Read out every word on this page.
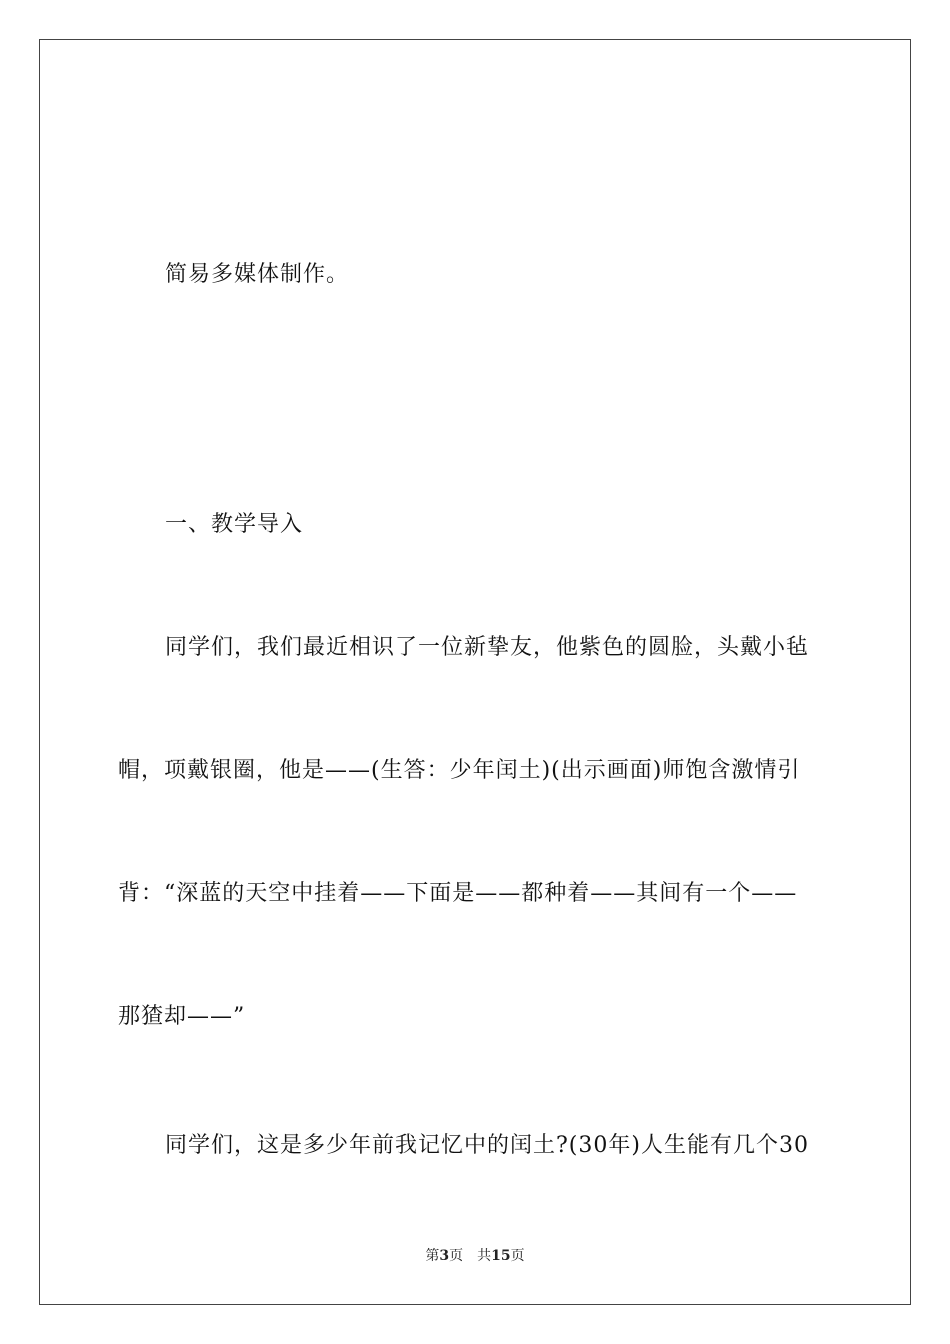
简易多媒体制作。
一、教学导入
同学们，我们最近相识了一位新挚友，他紫色的圆脸，头戴小毡
帽，项戴银圈，他是——(生答：少年闰土)(出示画面)师饱含激情引
背：“深蓝的天空中挂着——下面是——都种着——其间有一个——
那猹却——”
同学们，这是多少年前我记忆中的闰土?(30年)人生能有几个30
第3页 共15页
